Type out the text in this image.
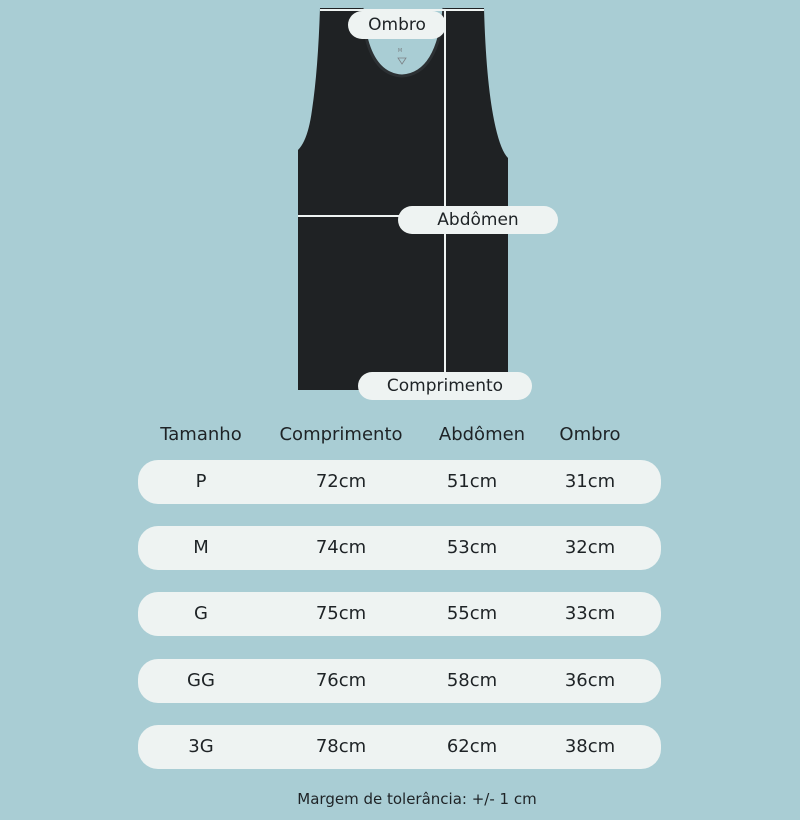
M
Ombro
Abdômen
Comprimento
Tamanho	Comprimento	Abdômen	Ombro
P	72cm	51cm	31cm
M	74cm	53cm	32cm
G	75cm	55cm	33cm
GG	76cm	58cm	36cm
3G	78cm	62cm	38cm
Margem de tolerância: +/- 1 cm
